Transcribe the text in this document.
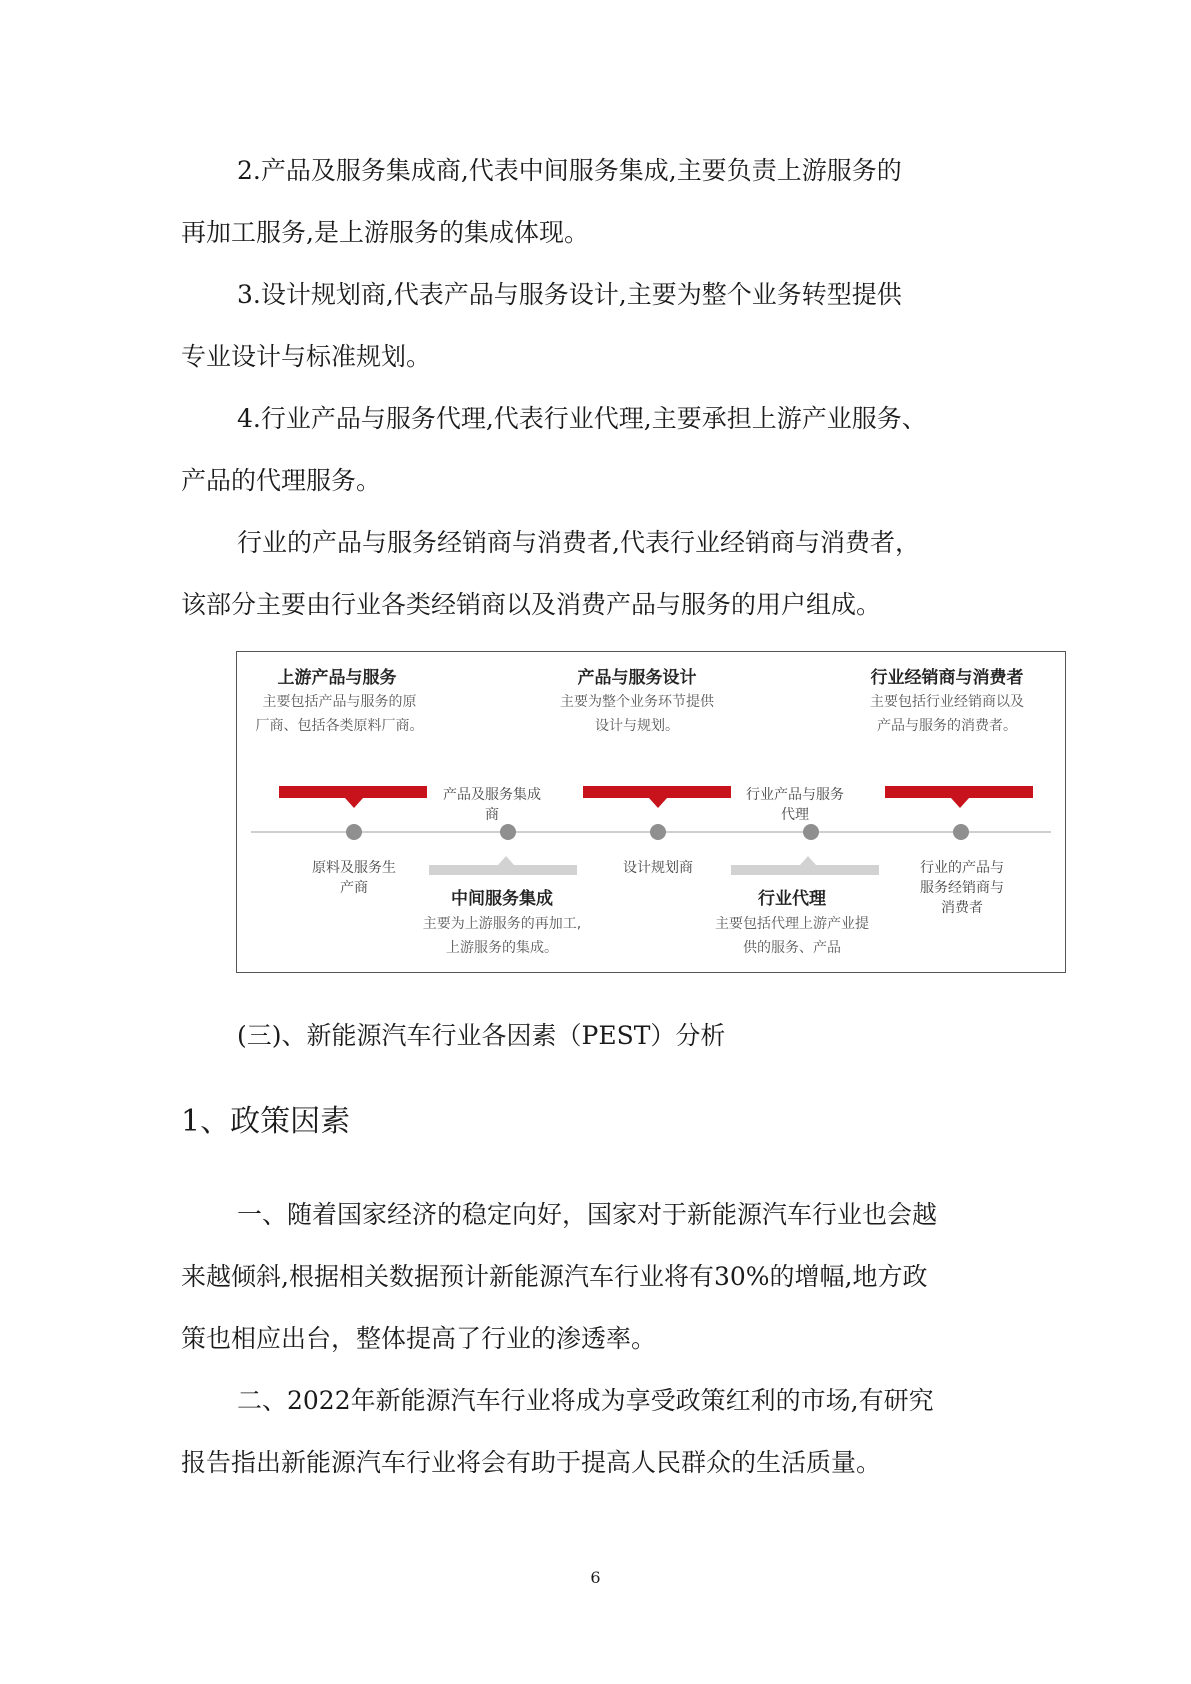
2.产品及服务集成商,代表中间服务集成,主要负责上游服务的
再加工服务,是上游服务的集成体现。

3.设计规划商,代表产品与服务设计,主要为整个业务转型提供
专业设计与标准规划。

4.行业产品与服务代理,代表行业代理,主要承担上游产业服务、
产品的代理服务。

行业的产品与服务经销商与消费者,代表行业经销商与消费者，
该部分主要由行业各类经销商以及消费产品与服务的用户组成。

上游产品与服务
主要包括产品与服务的原
厂商、包括各类原料厂商。
产品与服务设计
主要为整个业务环节提供
设计与规划。
行业经销商与消费者
主要包括行业经销商以及
产品与服务的消费者。
产品及服务集成
商
行业产品与服务
代理
原料及服务生
产商
设计规划商	行业的产品与
服务经销商与
消费者
中间服务集成
主要为上游服务的再加工,
上游服务的集成。
行业代理
主要包括代理上游产业提
供的服务、产品
(三)、新能源汽车行业各因素（PEST）分析
1、政策因素

一、随着国家经济的稳定向好，国家对于新能源汽车行业也会越
来越倾斜,根据相关数据预计新能源汽车行业将有30%的增幅,地方政
策也相应出台，整体提高了行业的渗透率。

二、2022年新能源汽车行业将成为享受政策红利的市场,有研究
报告指出新能源汽车行业将会有助于提高人民群众的生活质量。

6
